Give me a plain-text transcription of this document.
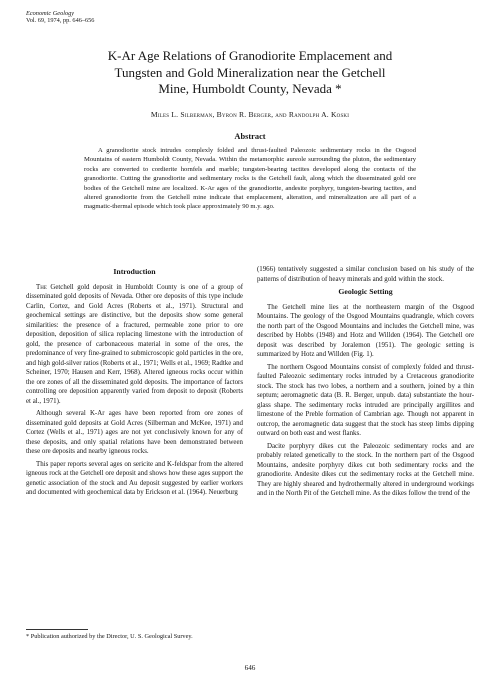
Economic Geology
Vol. 69, 1974, pp. 646–656
K-Ar Age Relations of Granodiorite Emplacement and
Tungsten and Gold Mineralization near the Getchell
Mine, Humboldt County, Nevada *
Miles L. Silberman, Byron R. Berger, and Randolph A. Koski
Abstract
A granodiorite stock intrudes complexly folded and thrust-faulted Paleozoic sedimentary rocks in the Osgood Mountains of eastern Humboldt County, Nevada. Within the metamorphic aureole surrounding the pluton, the sedimentary rocks are converted to cordierite hornfels and marble; tungsten-bearing tactites developed along the contacts of the granodiorite. Cutting the granodiorite and sedimentary rocks is the Getchell fault, along which the disseminated gold ore bodies of the Getchell mine are localized. K-Ar ages of the granodiorite, andesite porphyry, tungsten-bearing tactites, and altered granodiorite from the Getchell mine indicate that emplacement, alteration, and mineralization are all part of a magmatic-thermal episode which took place approximately 90 m.y. ago.
Introduction

The Getchell gold deposit in Humboldt County is one of a group of disseminated gold deposits of Nevada. Other ore deposits of this type include Carlin, Cortez, and Gold Acres (Roberts et al., 1971). Structural and geochemical settings are distinctive, but the deposits show some general similarities: the presence of a fractured, permeable zone prior to ore deposition, deposition of silica replacing limestone with the introduction of gold, the presence of carbonaceous material in some of the ores, the predominance of very fine-grained to submicroscopic gold particles in the ore, and high gold-silver ratios (Roberts et al., 1971; Wells et al., 1969; Radtke and Scheiner, 1970; Hausen and Kerr, 1968). Altered igneous rocks occur within the ore zones of all the disseminated gold deposits. The importance of factors controlling ore deposition apparently varied from deposit to deposit (Roberts et al., 1971).

Although several K-Ar ages have been reported from ore zones of disseminated gold deposits at Gold Acres (Silberman and McKee, 1971) and Cortez (Wells et al., 1971) ages are not yet conclusively known for any of these deposits, and only spatial relations have been demonstrated between these ore deposits and nearby igneous rocks.

This paper reports several ages on sericite and K-feldspar from the altered igneous rock at the Getchell ore deposit and shows how these ages support the genetic association of the stock and Au deposit suggested by earlier workers and documented with geochemical data by Erickson et al. (1964). Neuerburg

(1966) tentatively suggested a similar conclusion based on his study of the patterns of distribution of heavy minerals and gold within the stock.

Geologic Setting

The Getchell mine lies at the northeastern margin of the Osgood Mountains. The geology of the Osgood Mountains quadrangle, which covers the north part of the Osgood Mountains and includes the Getchell mine, was described by Hobbs (1948) and Hotz and Willden (1964). The Getchell ore deposit was described by Joralemon (1951). The geologic setting is summarized by Hotz and Willden (Fig. 1).

The northern Osgood Mountains consist of complexly folded and thrust-faulted Paleozoic sedimentary rocks intruded by a Cretaceous granodiorite stock. The stock has two lobes, a northern and a southern, joined by a thin septum; aeromagnetic data (B. R. Berger, unpub. data) substantiate the hour-glass shape. The sedimentary rocks intruded are principally argillites and limestone of the Preble formation of Cambrian age. Though not apparent in outcrop, the aeromagnetic data suggest that the stock has steep limbs dipping outward on both east and west flanks.

Dacite porphyry dikes cut the Paleozoic sedimentary rocks and are probably related genetically to the stock. In the northern part of the Osgood Mountains, andesite porphyry dikes cut both sedimentary rocks and the granodiorite. Andesite dikes cut the sedimentary rocks at the Getchell mine. They are highly sheared and hydrothermally altered in underground workings and in the North Pit of the Getchell mine. As the dikes follow the trend of the

* Publication authorized by the Director, U. S. Geological Survey.
646
